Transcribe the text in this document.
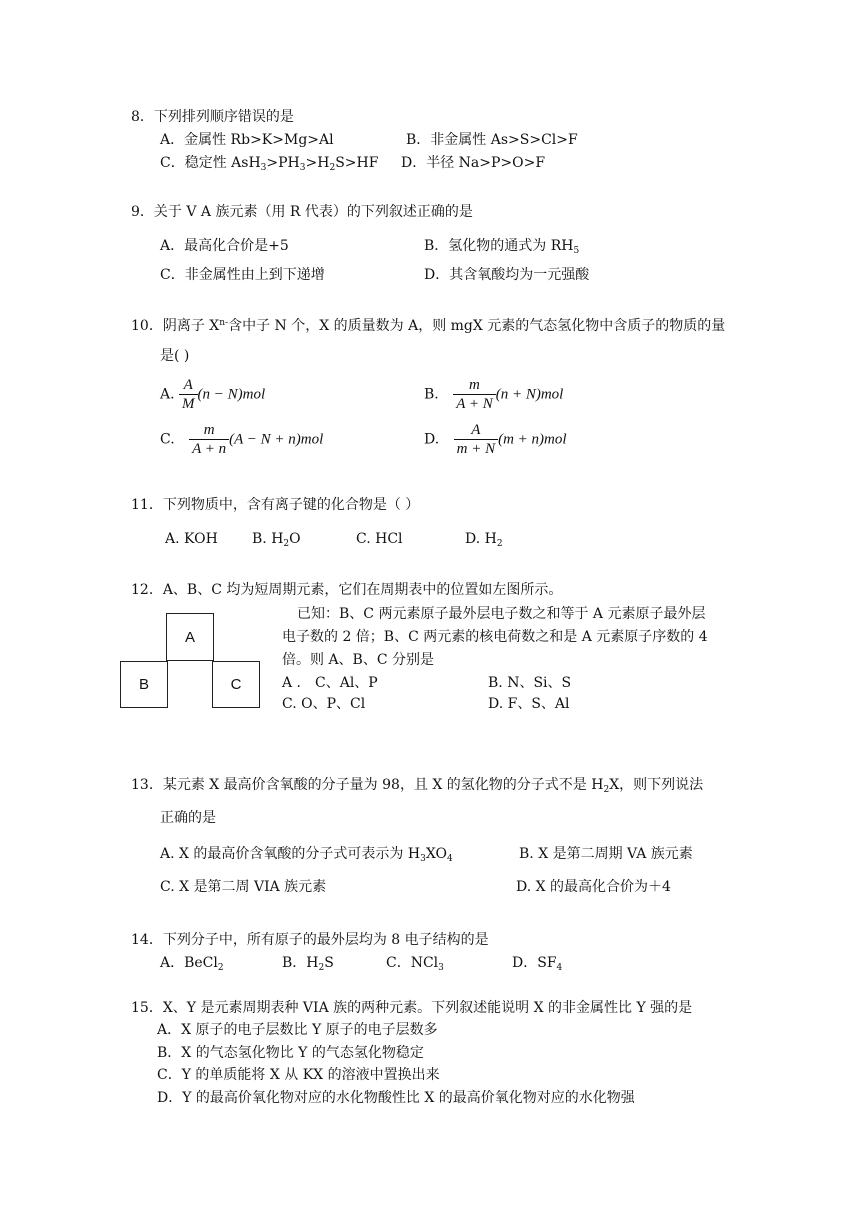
8．下列排列顺序错误的是
A．金属性 Rb>K>Mg>Al	B．非金属性 As>S>Cl>F
C．稳定性 $AsH_3>PH_3>H_2S>HF$ D．半径 Na>P>O>F
9．关于 V A 族元素（用 R 代表）的下列叙述正确的是
A．最高化合价是+5	B．氢化物的通式为 $RH_5$
C．非金属性由上到下递增	D．其含氧酸均为一元强酸
10．阴离子 $X^{n-}$含中子 N 个，X 的质量数为 A，则 mgX 元素的气态氢化物中含质子的物质的量
是( )
A. $\frac{A}{M} (n - N)mol$	B. $\frac{m}{A + N} (n + N)mol$
C. $\frac{m}{A + n} (A - N + n)mol$	D. $\frac{A}{m + N} (m + n)mol$
11．下列物质中，含有离子键的化合物是（ ）
A. KOH B. $H_2O$	C. HCl	D. $H_2$
12．A、B、C 均为短周期元素，它们在周期表中的位置如左图所示。
已知：B、C 两元素原子最外层电子数之和等于 A 元素原子最外层
电子数的 2 倍；B、C 两元素的核电荷数之和是 A 元素原子序数的 4
倍。则 A、B、C 分别是
A ． C、Al、P	B. N、Si、S
C. O、P、Cl	D. F、S、Al
A
B	C
13．某元素 X 最高价含氧酸的分子量为 98，且 X 的氢化物的分子式不是 $H_2X$，则下列说法
正确的是
A. X 的最高价含氧酸的分子式可表示为 $H_3XO_4$	B. X 是第二周期 VA 族元素
C. X 是第二周 VIA 族元素	D. X 的最高化合价为＋4
14．下列分子中，所有原子的最外层均为 8 电子结构的是
A．BeCl$_2$	B．$H_2S$	C．NCl$_3$	D．$SF_4$
15．X、Y 是元素周期表种 VIA 族的两种元素。下列叙述能说明 X 的非金属性比 Y 强的是
A．X 原子的电子层数比 Y 原子的电子层数多
B．X 的气态氢化物比 Y 的气态氢化物稳定
C．Y 的单质能将 X 从 KX 的溶液中置换出来
D．Y 的最高价氧化物对应的水化物酸性比 X 的最高价氧化物对应的水化物强
